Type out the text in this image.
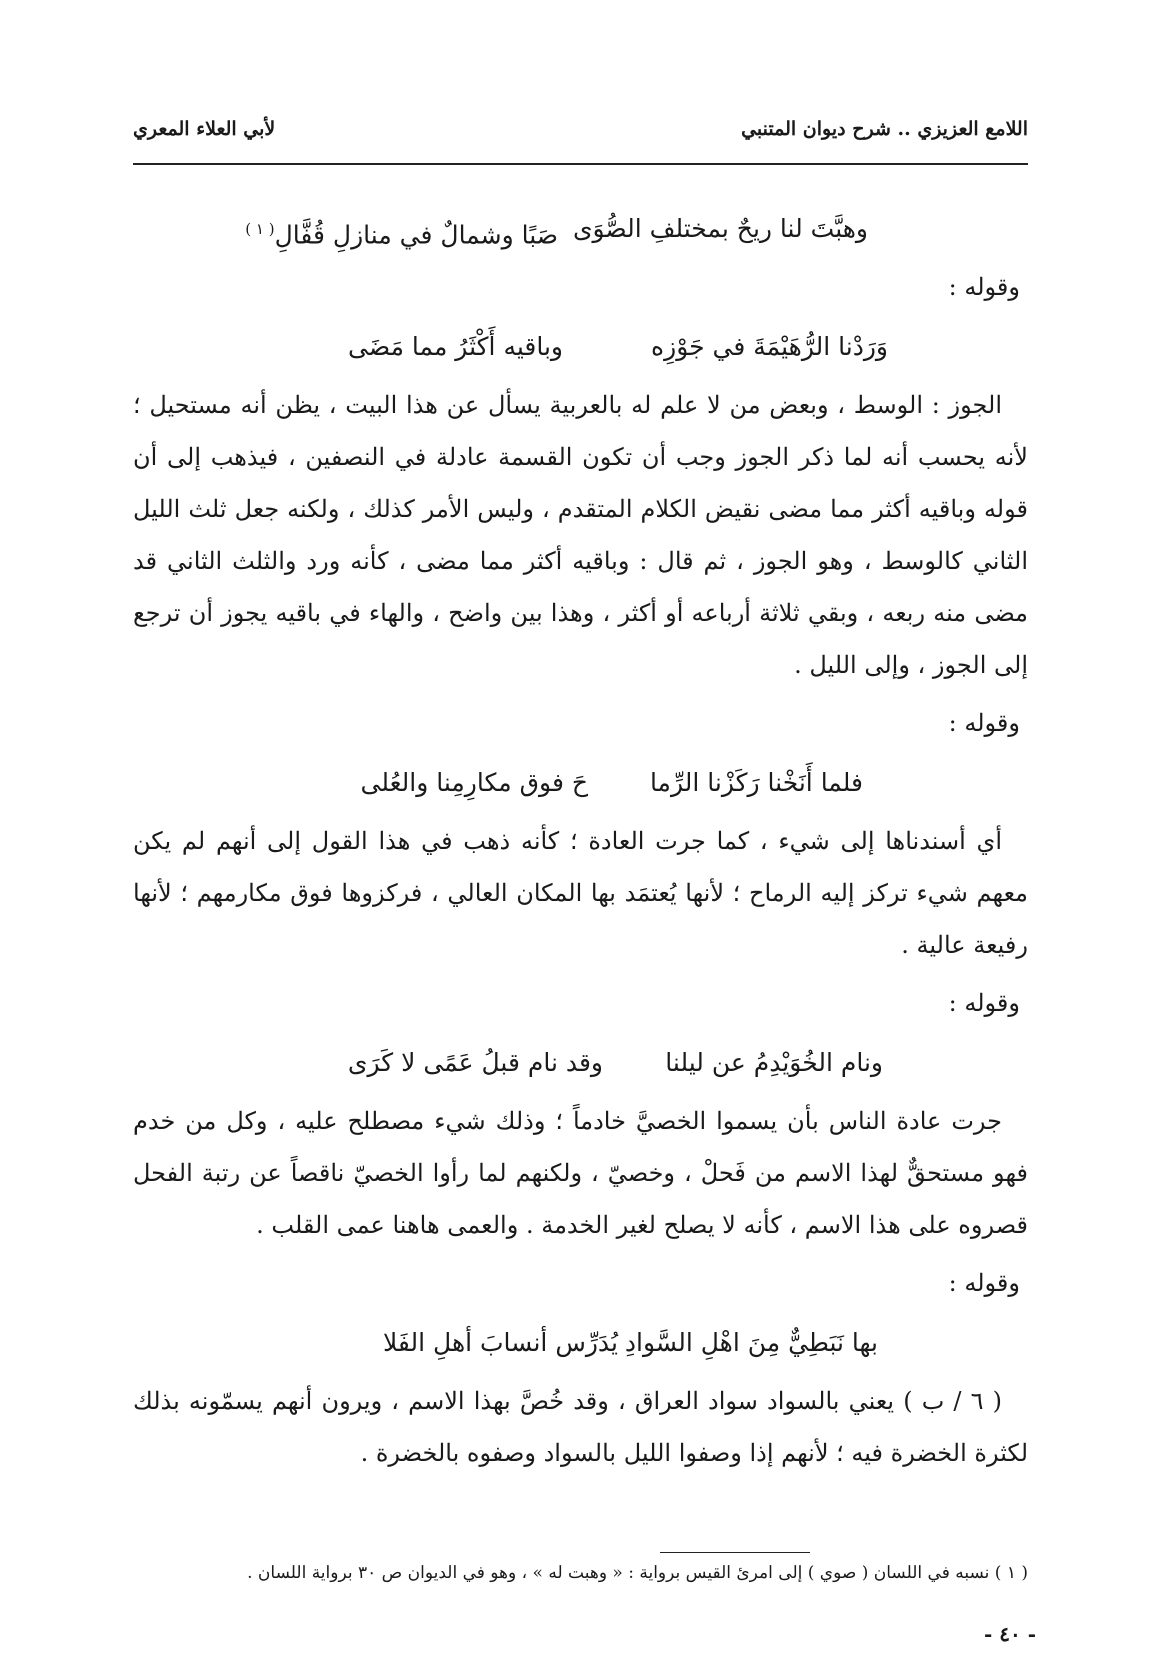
اللامع العزيزي .. شرح ديوان المتنبي
لأبي العلاء المعري
وهبَّتَ لنا ريحٌ بمختلفِ الصُّوَى
صَبًا وشمالٌ في منازلِ قُفَّالِ$^{( ١ )}$
وقوله :
وَرَدْنا الرُّهَيْمَةَ في جَوْزِه
وباقيه أَكْثَرُ مما مَضَى

الجوز : الوسط ، وبعض من لا علم له بالعربية يسأل عن هذا البيت ، يظن أنه مستحيل ؛ لأنه يحسب أنه لما ذكر الجوز وجب أن تكون القسمة عادلة في النصفين ، فيذهب إلى أن قوله وباقيه أكثر مما مضى نقيض الكلام المتقدم ، وليس الأمر كذلك ، ولكنه جعل ثلث الليل الثاني كالوسط ، وهو الجوز ، ثم قال : وباقيه أكثر مما مضى ، كأنه ورد والثلث الثاني قد مضى منه ربعه ، وبقي ثلاثة أرباعه أو أكثر ، وهذا بين واضح ، والهاء في باقيه يجوز أن ترجع إلى الجوز ، وإلى الليل .

وقوله :
فلما أَنَخْنا رَكَزْنا الرِّما
حَ فوق مكارِمِنا والعُلى

أي أسندناها إلى شيء ، كما جرت العادة ؛ كأنه ذهب في هذا القول إلى أنهم لم يكن معهم شيء تركز إليه الرماح ؛ لأنها يُعتمَد بها المكان العالي ، فركزوها فوق مكارمهم ؛ لأنها رفيعة عالية .

وقوله :
ونام الخُوَيْدِمُ عن ليلنا
وقد نام قبلُ عَمًى لا كَرَى

جرت عادة الناس بأن يسموا الخصيَّ خادماً ؛ وذلك شيء مصطلح عليه ، وكل من خدم فهو مستحقٌّ لهذا الاسم من فَحلْ ، وخصيّ ، ولكنهم لما رأوا الخصيّ ناقصاً عن رتبة الفحل قصروه على هذا الاسم ، كأنه لا يصلح لغير الخدمة . والعمى هاهنا عمى القلب .

وقوله :
بها نَبَطِيٌّ مِنَ اهْلِ السَّوادِ
يُدَرِّس أنسابَ أهلِ الفَلا

( ٦ / ب ) يعني بالسواد سواد العراق ، وقد خُصَّ بهذا الاسم ، ويرون أنهم يسمّونه بذلك لكثرة الخضرة فيه ؛ لأنهم إذا وصفوا الليل بالسواد وصفوه بالخضرة .

( ١ ) نسبه في اللسان ( صوي ) إلى امرئ القيس برواية : « وهبت له » ، وهو في الديوان ص ٣٠ برواية اللسان .
- ٤٠ -
